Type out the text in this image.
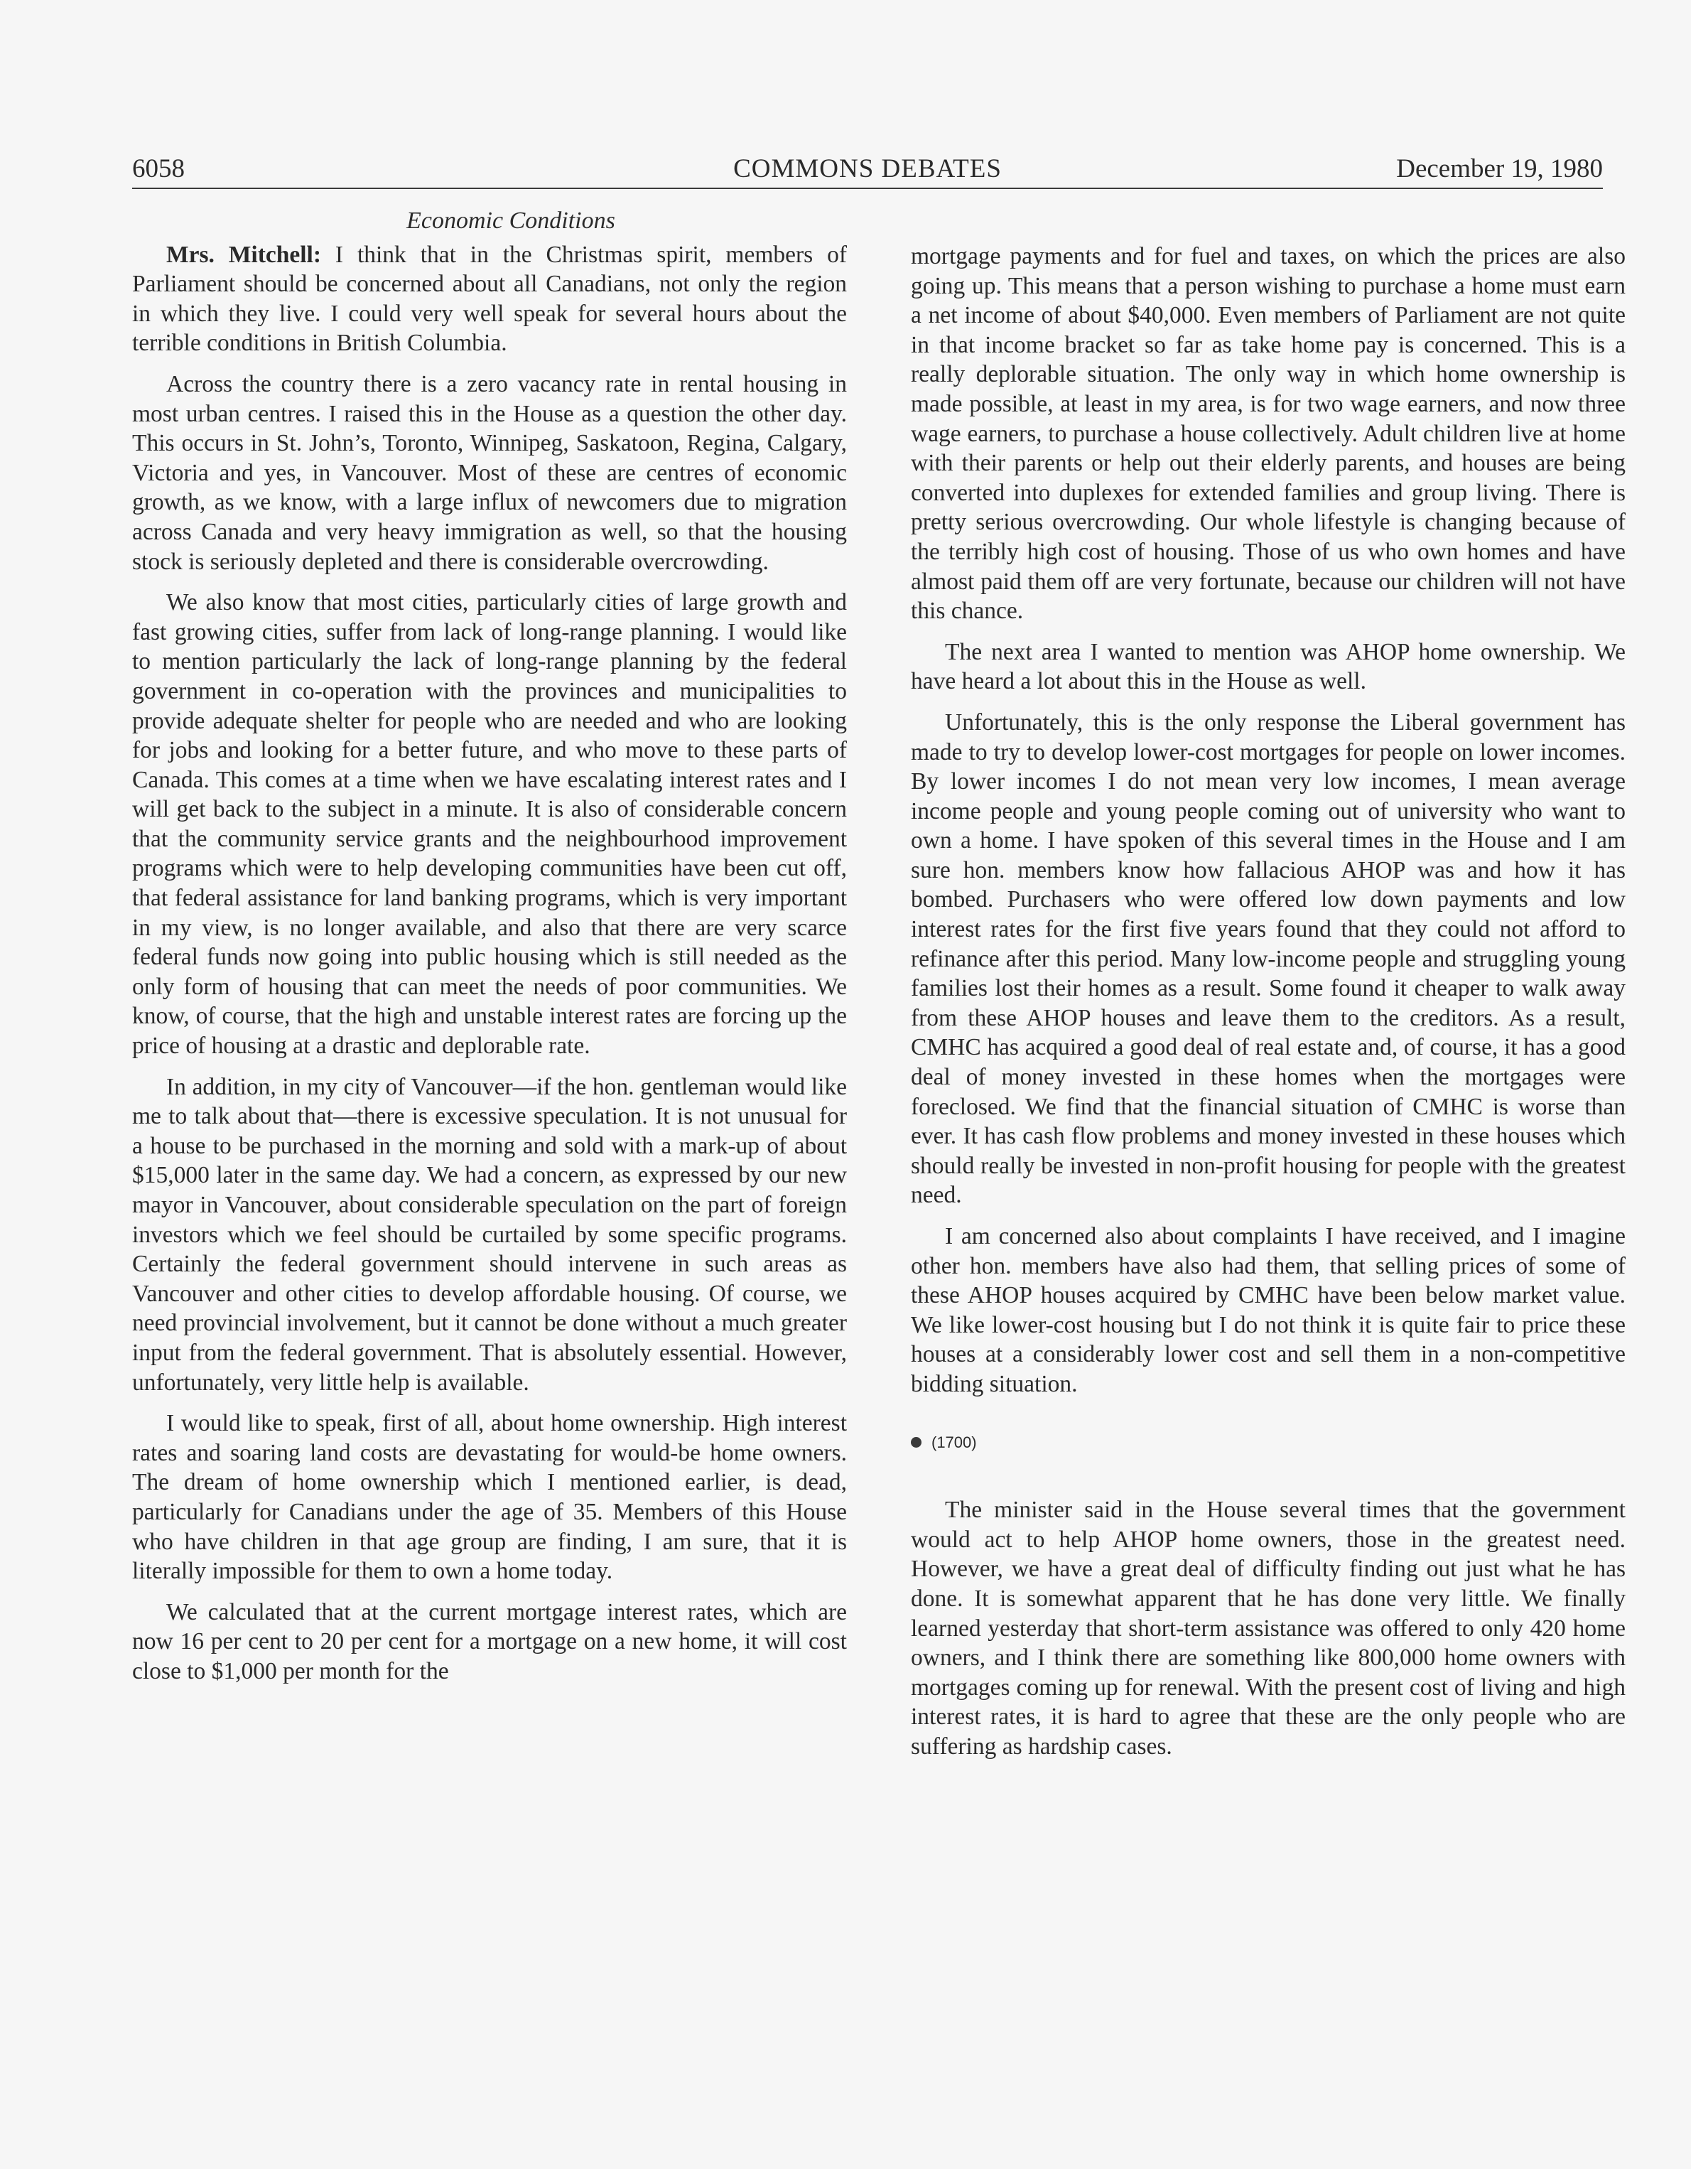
6058	COMMONS DEBATES	December 19, 1980
Economic Conditions

Mrs. Mitchell: I think that in the Christmas spirit, members of Parliament should be concerned about all Canadians, not only the region in which they live. I could very well speak for several hours about the terrible conditions in British Columbia.

Across the country there is a zero vacancy rate in rental housing in most urban centres. I raised this in the House as a question the other day. This occurs in St. John’s, Toronto, Winnipeg, Saskatoon, Regina, Calgary, Victoria and yes, in Vancouver. Most of these are centres of economic growth, as we know, with a large influx of newcomers due to migration across Canada and very heavy immigration as well, so that the housing stock is seriously depleted and there is considerable overcrowding.

We also know that most cities, particularly cities of large growth and fast growing cities, suffer from lack of long-range planning. I would like to mention particularly the lack of long-range planning by the federal government in co-operation with the provinces and municipalities to provide adequate shelter for people who are needed and who are looking for jobs and looking for a better future, and who move to these parts of Canada. This comes at a time when we have escalating interest rates and I will get back to the subject in a minute. It is also of considerable concern that the community service grants and the neighbourhood improvement programs which were to help developing communities have been cut off, that federal assistance for land banking programs, which is very important in my view, is no longer available, and also that there are very scarce federal funds now going into public housing which is still needed as the only form of housing that can meet the needs of poor communities. We know, of course, that the high and unstable interest rates are forcing up the price of housing at a drastic and deplorable rate.

In addition, in my city of Vancouver—if the hon. gentleman would like me to talk about that—there is excessive speculation. It is not unusual for a house to be purchased in the morning and sold with a mark-up of about $15,000 later in the same day. We had a concern, as expressed by our new mayor in Vancouver, about considerable speculation on the part of foreign investors which we feel should be curtailed by some specific programs. Certainly the federal government should intervene in such areas as Vancouver and other cities to develop affordable housing. Of course, we need provincial involvement, but it cannot be done without a much greater input from the federal government. That is absolutely essential. However, unfortunately, very little help is available.

I would like to speak, first of all, about home ownership. High interest rates and soaring land costs are devastating for would-be home owners. The dream of home ownership which I mentioned earlier, is dead, particularly for Canadians under the age of 35. Members of this House who have children in that age group are finding, I am sure, that it is literally impossible for them to own a home today.

We calculated that at the current mortgage interest rates, which are now 16 per cent to 20 per cent for a mortgage on a new home, it will cost close to $1,000 per month for the

mortgage payments and for fuel and taxes, on which the prices are also going up. This means that a person wishing to purchase a home must earn a net income of about $40,000. Even members of Parliament are not quite in that income bracket so far as take home pay is concerned. This is a really deplorable situation. The only way in which home ownership is made possible, at least in my area, is for two wage earners, and now three wage earners, to purchase a house collectively. Adult children live at home with their parents or help out their elderly parents, and houses are being converted into duplexes for extended families and group living. There is pretty serious overcrowding. Our whole lifestyle is changing because of the terribly high cost of housing. Those of us who own homes and have almost paid them off are very fortunate, because our children will not have this chance.

The next area I wanted to mention was AHOP home ownership. We have heard a lot about this in the House as well.

Unfortunately, this is the only response the Liberal government has made to try to develop lower-cost mortgages for people on lower incomes. By lower incomes I do not mean very low incomes, I mean average income people and young people coming out of university who want to own a home. I have spoken of this several times in the House and I am sure hon. members know how fallacious AHOP was and how it has bombed. Purchasers who were offered low down payments and low interest rates for the first five years found that they could not afford to refinance after this period. Many low-income people and struggling young families lost their homes as a result. Some found it cheaper to walk away from these AHOP houses and leave them to the creditors. As a result, CMHC has acquired a good deal of real estate and, of course, it has a good deal of money invested in these homes when the mortgages were foreclosed. We find that the financial situation of CMHC is worse than ever. It has cash flow problems and money invested in these houses which should really be invested in non-profit housing for people with the greatest need.

I am concerned also about complaints I have received, and I imagine other hon. members have also had them, that selling prices of some of these AHOP houses acquired by CMHC have been below market value. We like lower-cost housing but I do not think it is quite fair to price these houses at a considerably lower cost and sell them in a non-competitive bidding situation.

(1700)

The minister said in the House several times that the government would act to help AHOP home owners, those in the greatest need. However, we have a great deal of difficulty finding out just what he has done. It is somewhat apparent that he has done very little. We finally learned yesterday that short-term assistance was offered to only 420 home owners, and I think there are something like 800,000 home owners with mortgages coming up for renewal. With the present cost of living and high interest rates, it is hard to agree that these are the only people who are suffering as hardship cases.
